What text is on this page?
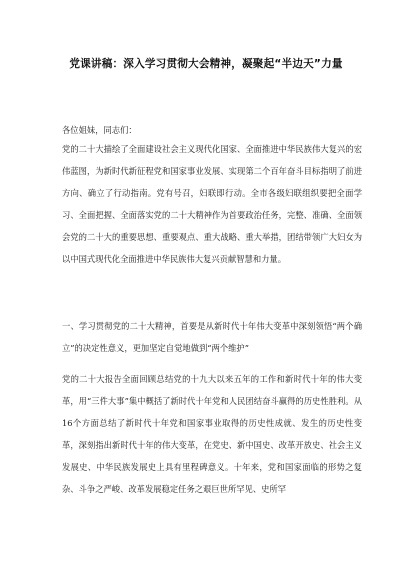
党课讲稿：深入学习贯彻大会精神，凝聚起“半边天”力量
各位姐妹，同志们：

党的二十大描绘了全面建设社会主义现代化国家、全面推进中华民族伟大复兴的宏伟蓝图，为新时代新征程党和国家事业发展、实现第二个百年奋斗目标指明了前进方向、确立了行动指南。党有号召，妇联即行动。全市各级妇联组织要把全面学习、全面把握、全面落实党的二十大精神作为首要政治任务，完整、准确、全面领会党的二十大的重要思想、重要观点、重大战略、重大举措，团结带领广大妇女为以中国式现代化全面推进中华民族伟大复兴贡献智慧和力量。

一、学习贯彻党的二十大精神，首要是从新时代十年伟大变革中深刻领悟“两个确立”的决定性意义，更加坚定自觉地做到“两个维护”

党的二十大报告全面回顾总结党的十九大以来五年的工作和新时代十年的伟大变革，用“三件大事”集中概括了新时代十年党和人民团结奋斗赢得的历史性胜利。从16个方面总结了新时代十年党和国家事业取得的历史性成就、发生的历史性变革，深刻指出新时代十年的伟大变革，在党史、新中国史、改革开放史、社会主义发展史、中华民族发展史上具有里程碑意义。十年来，党和国家面临的形势之复杂、斗争之严峻、改革发展稳定任务之艰巨世所罕见、史所罕
